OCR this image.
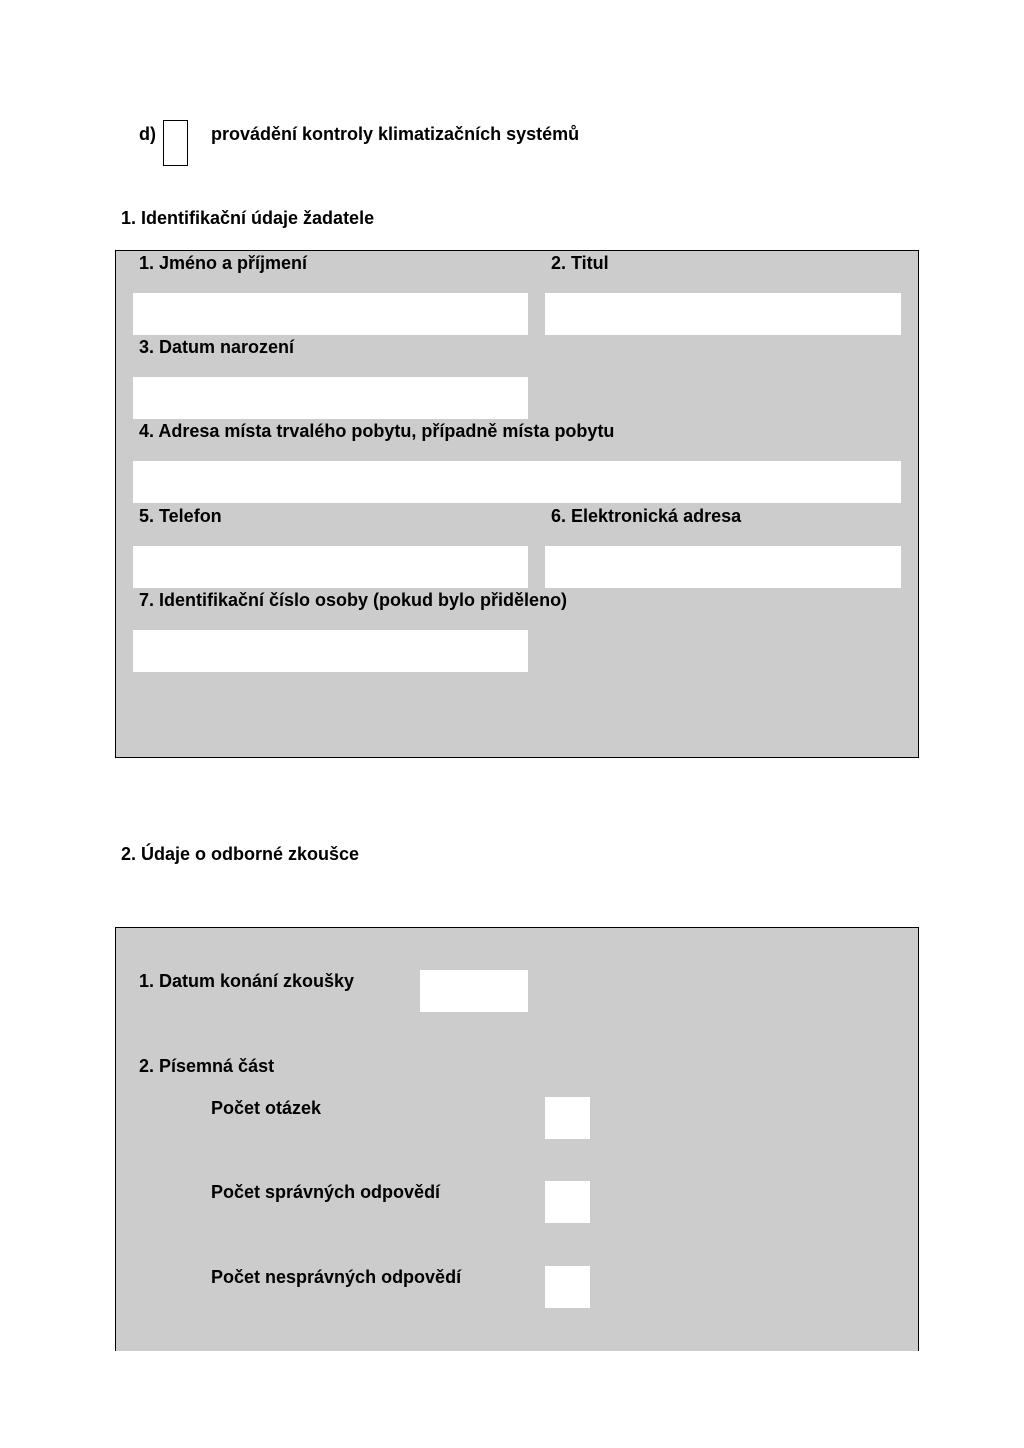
d)	provádění kontroly klimatizačních systémů
1. Identifikační údaje žadatele
1. Jméno a příjmení	2. Titul
3. Datum narození
4. Adresa místa trvalého pobytu, případně místa pobytu
5. Telefon	6. Elektronická adresa
7. Identifikační číslo osoby (pokud bylo přiděleno)
2. Údaje o odborné zkoušce
1. Datum konání zkoušky
2. Písemná část
Počet otázek
Počet správných odpovědí
Počet nesprávných odpovědí
